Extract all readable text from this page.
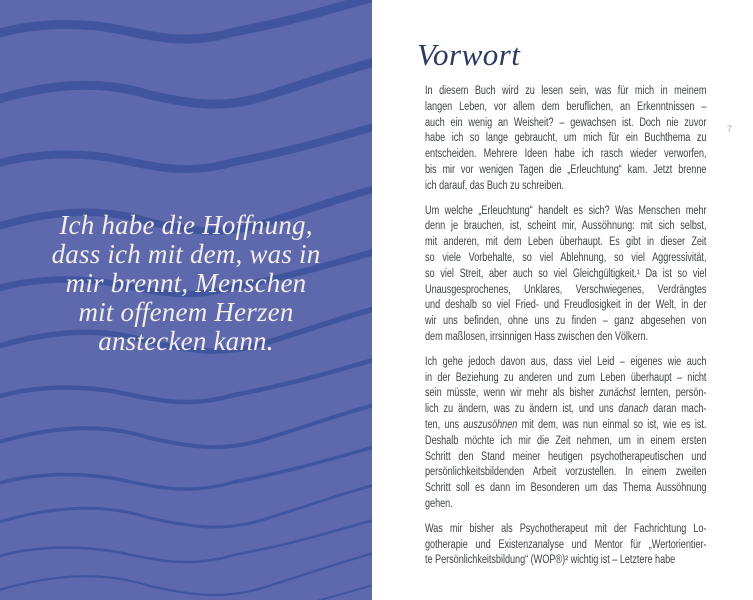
Ich habe die Hoffnung,
dass ich mit dem, was in
mir brennt, Menschen
mit offenem Herzen
anstecken kann.
Vorwort
In diesem Buch wird zu lesen sein, was für mich in meinem
langen Leben, vor allem dem beruflichen, an Erkenntnissen –
auch ein wenig an Weisheit? – gewachsen ist. Doch nie zuvor
habe ich so lange gebraucht, um mich für ein Buchthema zu
entscheiden. Mehrere Ideen habe ich rasch wieder verworfen,
bis mir vor wenigen Tagen die „Erleuchtung“ kam. Jetzt brenne
ich darauf, das Buch zu schreiben.
Um welche „Erleuchtung“ handelt es sich? Was Menschen mehr
denn je brauchen, ist, scheint mir, Aussöhnung: mit sich selbst,
mit anderen, mit dem Leben überhaupt. Es gibt in dieser Zeit
so viele Vorbehalte, so viel Ablehnung, so viel Aggressivität,
so viel Streit, aber auch so viel Gleichgültigkeit.¹ Da ist so viel
Unausgesprochenes, Unklares, Verschwiegenes, Verdrängtes
und deshalb so viel Fried- und Freudlosigkeit in der Welt, in der
wir uns befinden, ohne uns zu finden – ganz abgesehen von
dem maßlosen, irrsinnigen Hass zwischen den Völkern.
Ich gehe jedoch davon aus, dass viel Leid – eigenes wie auch
in der Beziehung zu anderen und zum Leben überhaupt – nicht
sein müsste, wenn wir mehr als bisher zunächst lernten, persön-
lich zu ändern, was zu ändern ist, und uns danach daran mach-
ten, uns auszusöhnen mit dem, was nun einmal so ist, wie es ist.
Deshalb möchte ich mir die Zeit nehmen, um in einem ersten
Schritt den Stand meiner heutigen psychotherapeutischen und
persönlichkeitsbildenden Arbeit vorzustellen. In einem zweiten
Schritt soll es dann im Besonderen um das Thema Aussöhnung
gehen.
Was mir bisher als Psychotherapeut mit der Fachrichtung Lo-
gotherapie und Existenzanalyse und Mentor für „Wertorientier-
te Persönlichkeitsbildung“ (WOP®)² wichtig ist – Letztere habe
7
